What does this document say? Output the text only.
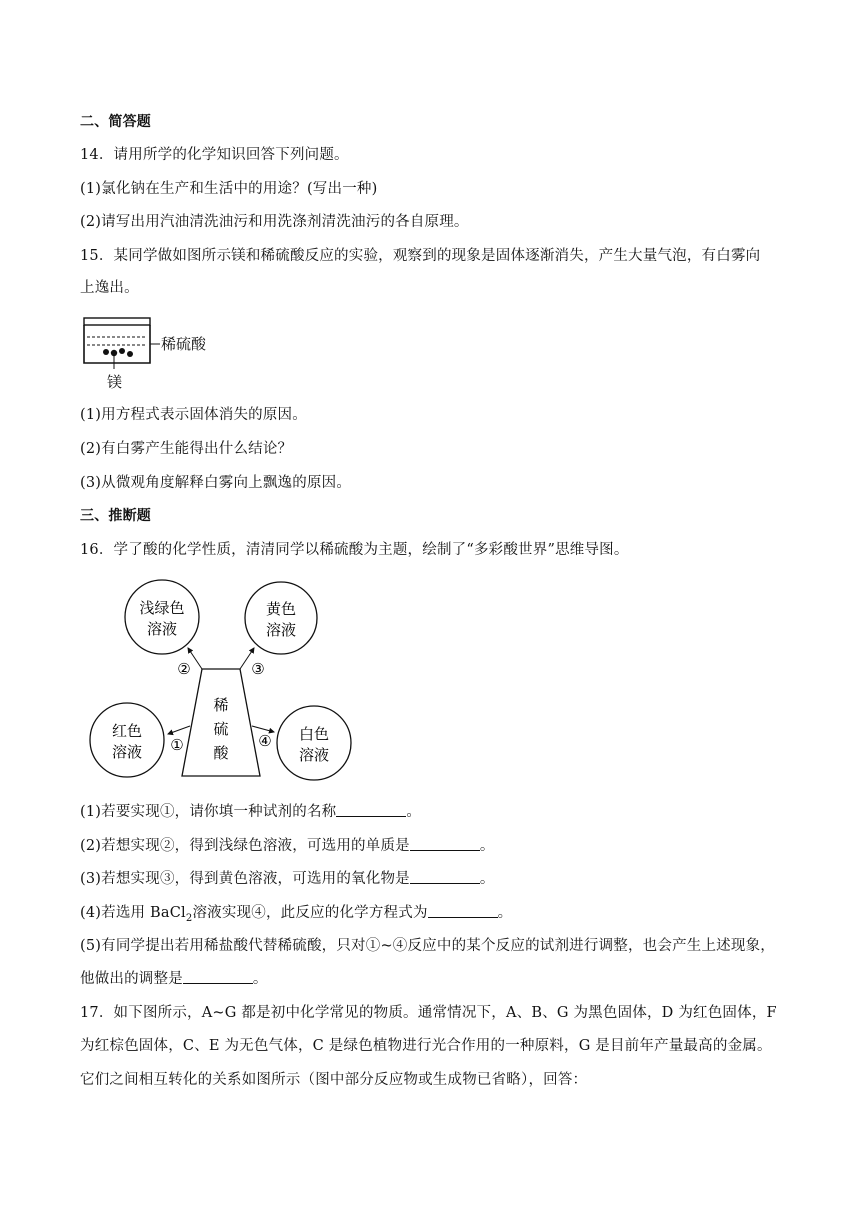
二、简答题
14．请用所学的化学知识回答下列问题。
(1)氯化钠在生产和生活中的用途？(写出一种)
(2)请写出用汽油清洗油污和用洗涤剂清洗油污的各自原理。
15．某同学做如图所示镁和稀硫酸反应的实验，观察到的现象是固体逐渐消失，产生大量气泡，有白雾向
上逸出。
稀硫酸
镁
(1)用方程式表示固体消失的原因。
(2)有白雾产生能得出什么结论？
(3)从微观角度解释白雾向上飘逸的原因。
三、推断题
16．学了酸的化学性质，清清同学以稀硫酸为主题，绘制了“多彩酸世界”思维导图。
稀
硫
酸
浅绿色
溶液
黄色
溶液
红色
溶液
白色
溶液
②	③
①	④
(1)若要实现①，请你填一种试剂的名称	。
(2)若想实现②，得到浅绿色溶液，可选用的单质是	。
(3)若想实现③，得到黄色溶液，可选用的氧化物是	。
(4)若选用 BaCl$_2$溶液实现④，此反应的化学方程式为	。
(5)有同学提出若用稀盐酸代替稀硫酸，只对①~④反应中的某个反应的试剂进行调整，也会产生上述现象，
他做出的调整是	。
17．如下图所示，A~G 都是初中化学常见的物质。通常情况下，A、B、G 为黑色固体，D 为红色固体，F
为红棕色固体，C、E 为无色气体，C 是绿色植物进行光合作用的一种原料，G 是目前年产量最高的金属。
它们之间相互转化的关系如图所示（图中部分反应物或生成物已省略），回答：
